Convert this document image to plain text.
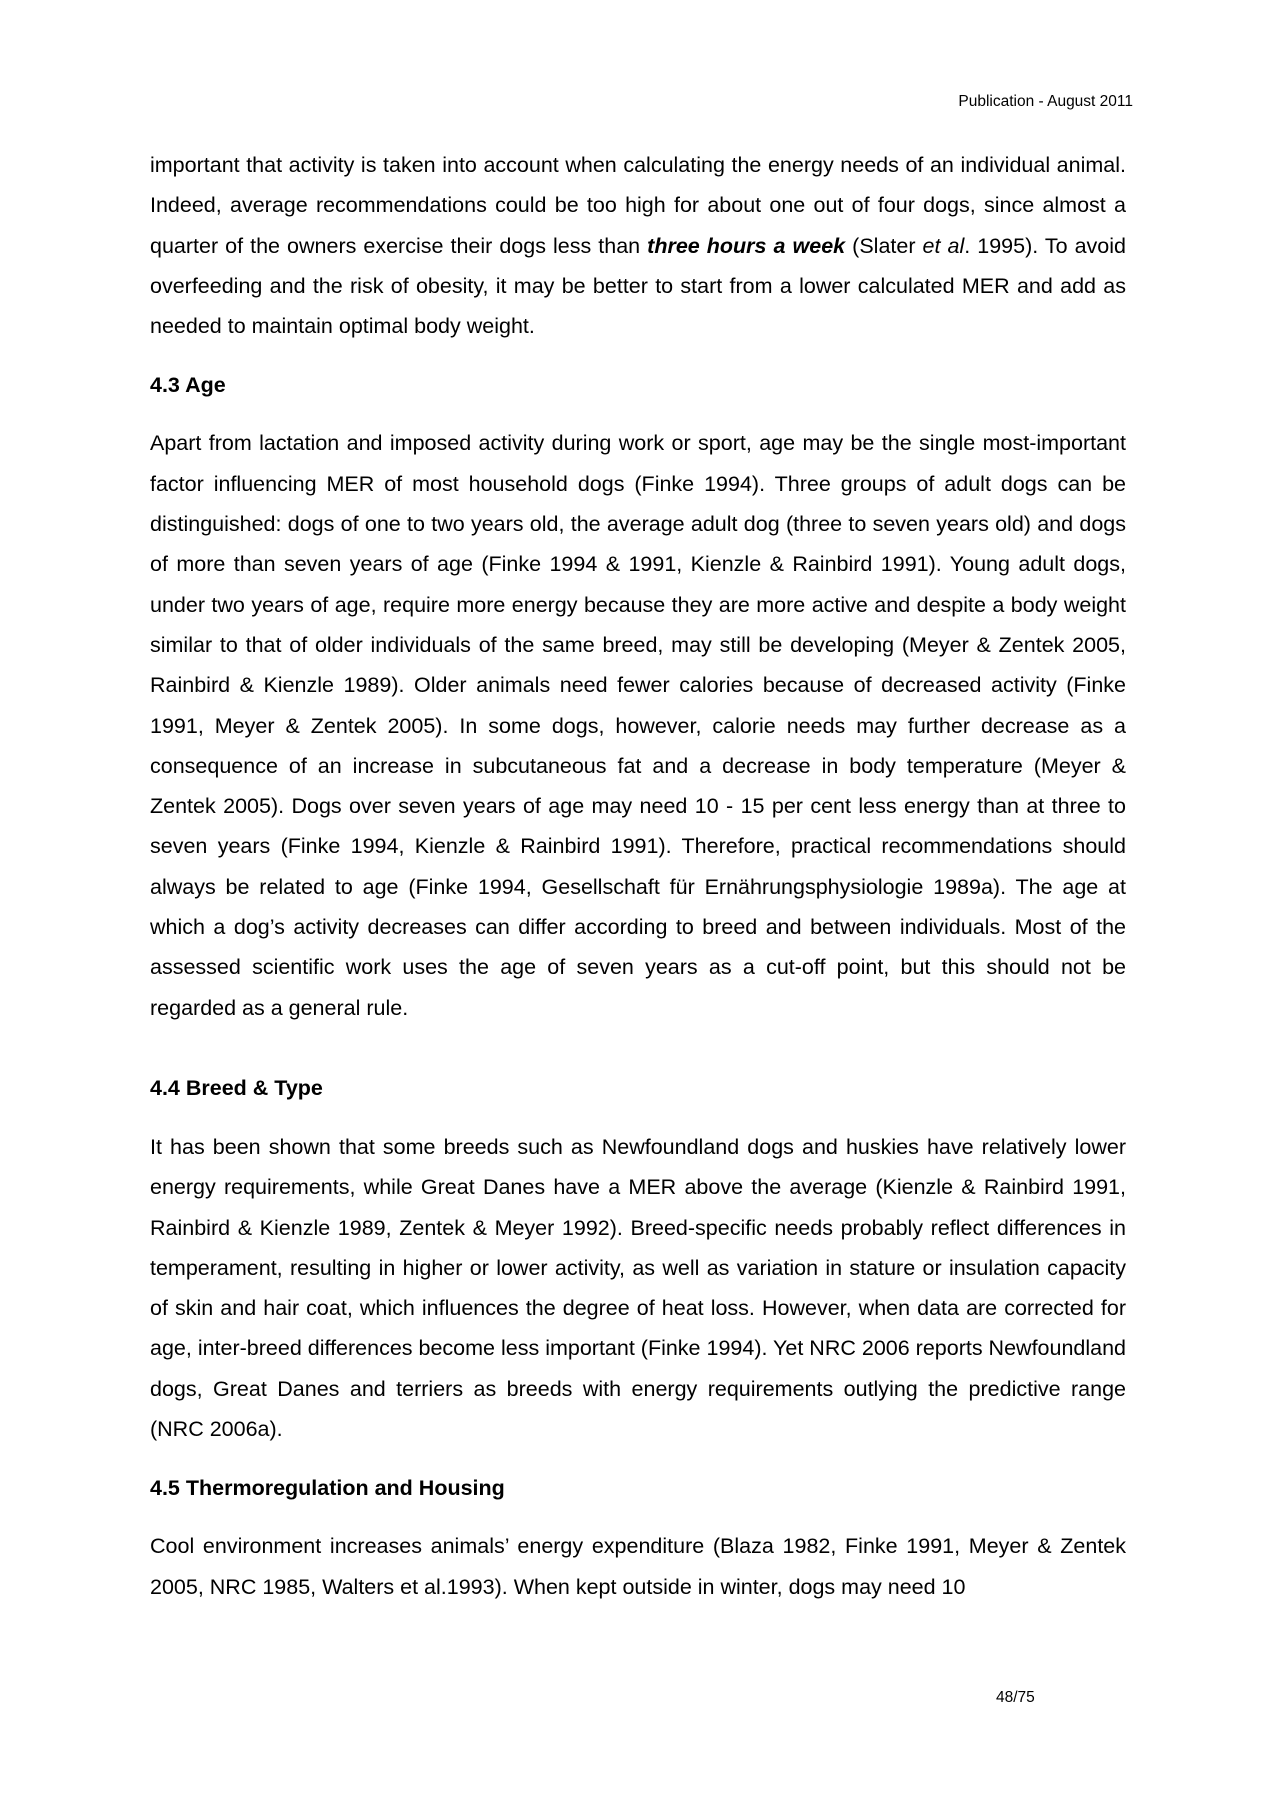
Publication - August 2011

important that activity is taken into account when calculating the energy needs of an individual animal. Indeed, average recommendations could be too high for about one out of four dogs, since almost a quarter of the owners exercise their dogs less than three hours a week (Slater et al. 1995). To avoid overfeeding and the risk of obesity, it may be better to start from a lower calculated MER and add as needed to maintain optimal body weight.

4.3 Age

Apart from lactation and imposed activity during work or sport, age may be the single most-important factor influencing MER of most household dogs (Finke 1994). Three groups of adult dogs can be distinguished: dogs of one to two years old, the average adult dog (three to seven years old) and dogs of more than seven years of age (Finke 1994 & 1991, Kienzle & Rainbird 1991). Young adult dogs, under two years of age, require more energy because they are more active and despite a body weight similar to that of older individuals of the same breed, may still be developing (Meyer & Zentek 2005, Rainbird & Kienzle 1989). Older animals need fewer calories because of decreased activity (Finke 1991, Meyer & Zentek 2005). In some dogs, however, calorie needs may further decrease as a consequence of an increase in subcutaneous fat and a decrease in body temperature (Meyer & Zentek 2005). Dogs over seven years of age may need 10 - 15 per cent less energy than at three to seven years (Finke 1994, Kienzle & Rainbird 1991). Therefore, practical recommendations should always be related to age (Finke 1994, Gesellschaft für Ernährungsphysiologie 1989a). The age at which a dog’s activity decreases can differ according to breed and between individuals. Most of the assessed scientific work uses the age of seven years as a cut-off point, but this should not be regarded as a general rule.

4.4 Breed & Type

It has been shown that some breeds such as Newfoundland dogs and huskies have relatively lower energy requirements, while Great Danes have a MER above the average (Kienzle & Rainbird 1991, Rainbird & Kienzle 1989, Zentek & Meyer 1992). Breed-specific needs probably reflect differences in temperament, resulting in higher or lower activity, as well as variation in stature or insulation capacity of skin and hair coat, which influences the degree of heat loss. However, when data are corrected for age, inter-breed differences become less important (Finke 1994). Yet NRC 2006 reports Newfoundland dogs, Great Danes and terriers as breeds with energy requirements outlying the predictive range (NRC 2006a).

4.5 Thermoregulation and Housing

Cool environment increases animals’ energy expenditure (Blaza 1982, Finke 1991, Meyer & Zentek 2005, NRC 1985, Walters et al.1993). When kept outside in winter, dogs may need 10

48/75
